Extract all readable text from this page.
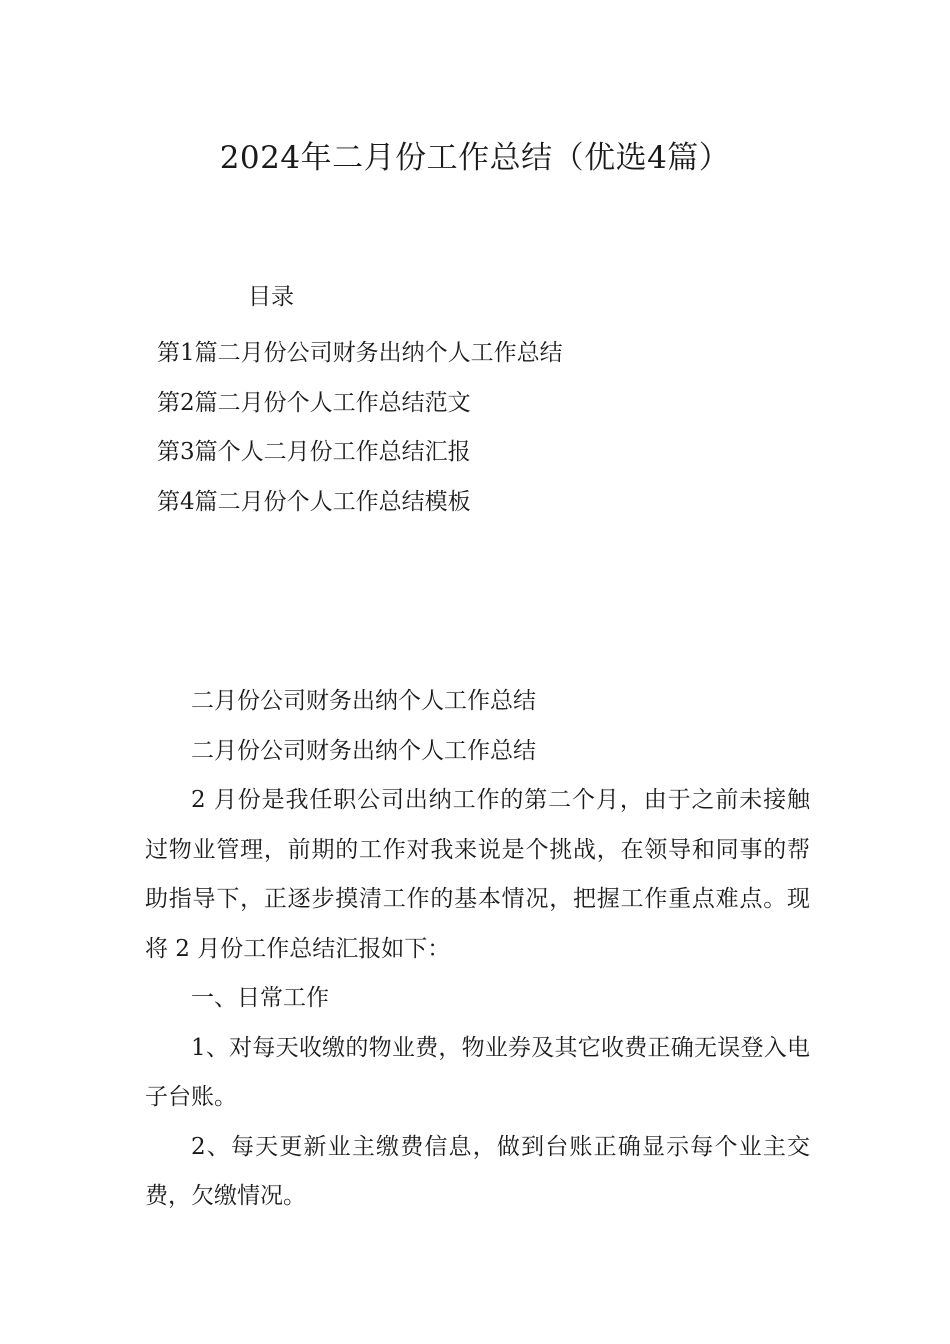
2024年二月份工作总结（优选4篇）
目录
第1篇二月份公司财务出纳个人工作总结
第2篇二月份个人工作总结范文
第3篇个人二月份工作总结汇报
第4篇二月份个人工作总结模板

二月份公司财务出纳个人工作总结

二月份公司财务出纳个人工作总结

2 月份是我任职公司出纳工作的第二个月，由于之前未接触过物业管理，前期的工作对我来说是个挑战，在领导和同事的帮助指导下，正逐步摸清工作的基本情况，把握工作重点难点。现将 2 月份工作总结汇报如下：

一、日常工作

1、对每天收缴的物业费，物业券及其它收费正确无误登入电子台账。

2、每天更新业主缴费信息，做到台账正确显示每个业主交费，欠缴情况。
